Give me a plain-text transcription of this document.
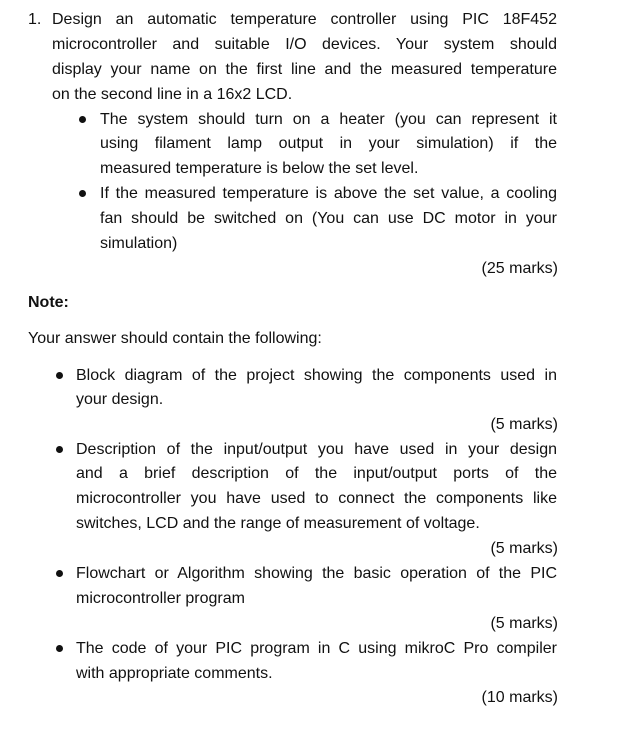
1. Design an automatic temperature controller using PIC 18F452
microcontroller and suitable I/O devices. Your system should
display your name on the first line and the measured temperature
on the second line in a 16x2 LCD.
The system should turn on a heater (you can represent it
using filament lamp output in your simulation) if the
measured temperature is below the set level.
If the measured temperature is above the set value, a cooling
fan should be switched on (You can use DC motor in your
simulation)
(25 marks)
Note:
Your answer should contain the following:
Block diagram of the project showing the components used in
your design.
(5 marks)
Description of the input/output you have used in your design
and a brief description of the input/output ports of the
microcontroller you have used to connect the components like
switches, LCD and the range of measurement of voltage.
(5 marks)
Flowchart or Algorithm showing the basic operation of the PIC
microcontroller program
(5 marks)
The code of your PIC program in C using mikroC Pro compiler
with appropriate comments.
(10 marks)
